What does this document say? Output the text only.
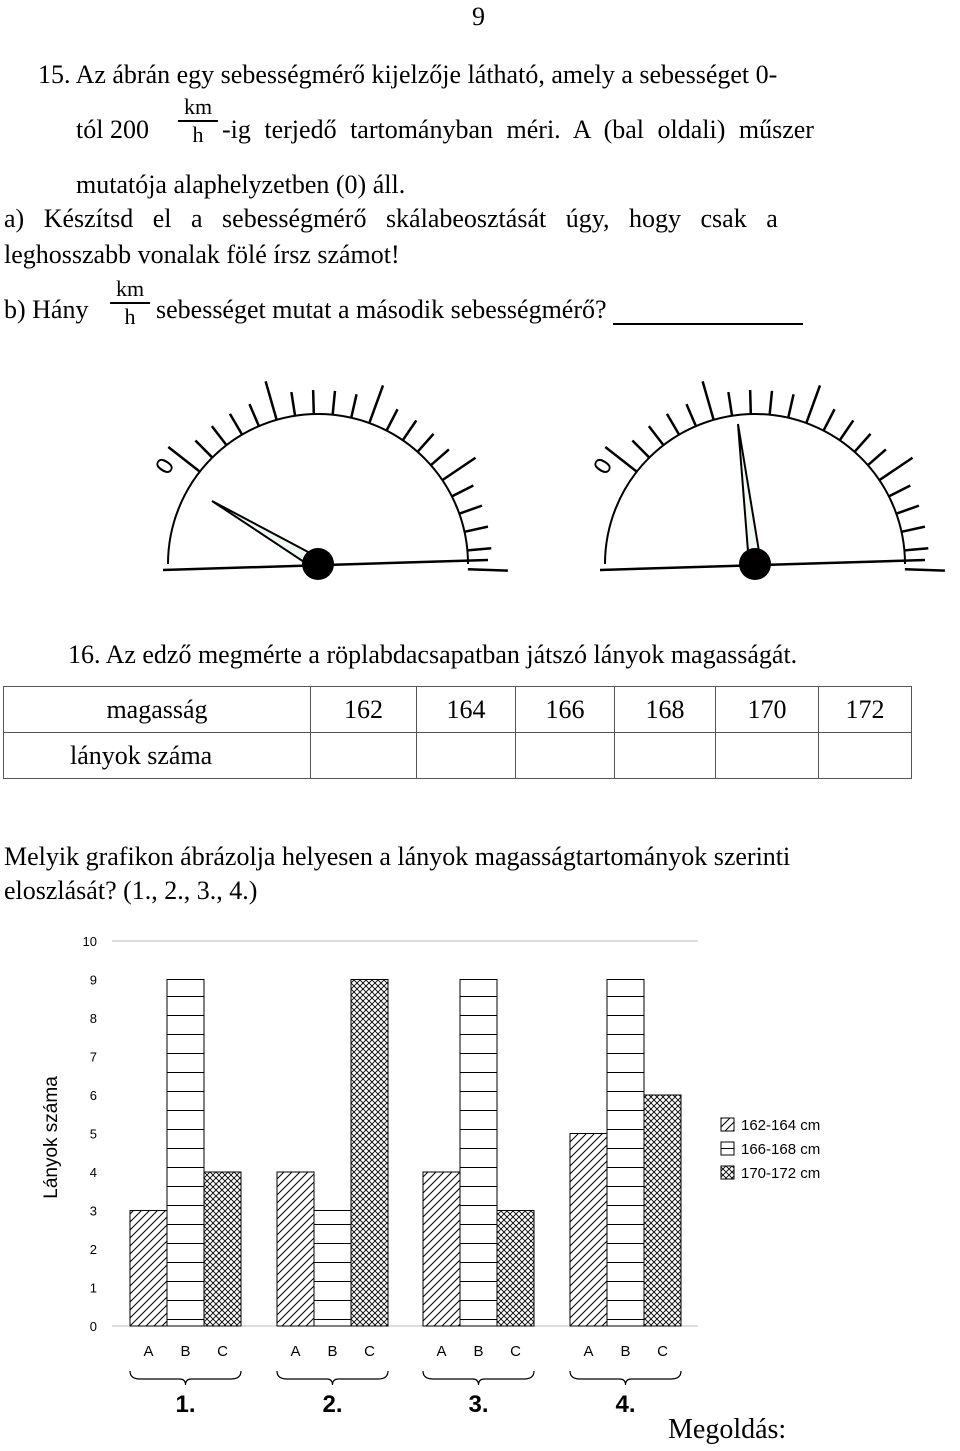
9
15. Az ábrán egy sebességmérő kijelzője látható, amely a sebességet 0-
tól $200 \frac{km}{h} -ig$ terjedő tartományban méri. A (bal oldali) műszer
mutatója alaphelyzetben (0) áll.
a) Készítsd el a sebességmérő skálabeosztását úgy, hogy csak a
leghosszabb vonalak fölé írsz számot!
b) Hány $\frac{km}{h}$ sebességet mutat a második sebességmérő?
0	0
16. Az edző megmérte a röplabdacsapatban játszó lányok magasságát.
magasság	162	164	166	168	170	172
lányok száma						
Melyik grafikon ábrázolja helyesen a lányok magasságtartományok szerinti
eloszlását? (1., 2., 3., 4.)
0
1
2
3
4
5
6
7
8
9
10
Lányok száma
A B C	A B C	A B C	A B C
1.	2.	3.	4.
162-164 cm
166-168 cm
170-172 cm
Megoldás:
